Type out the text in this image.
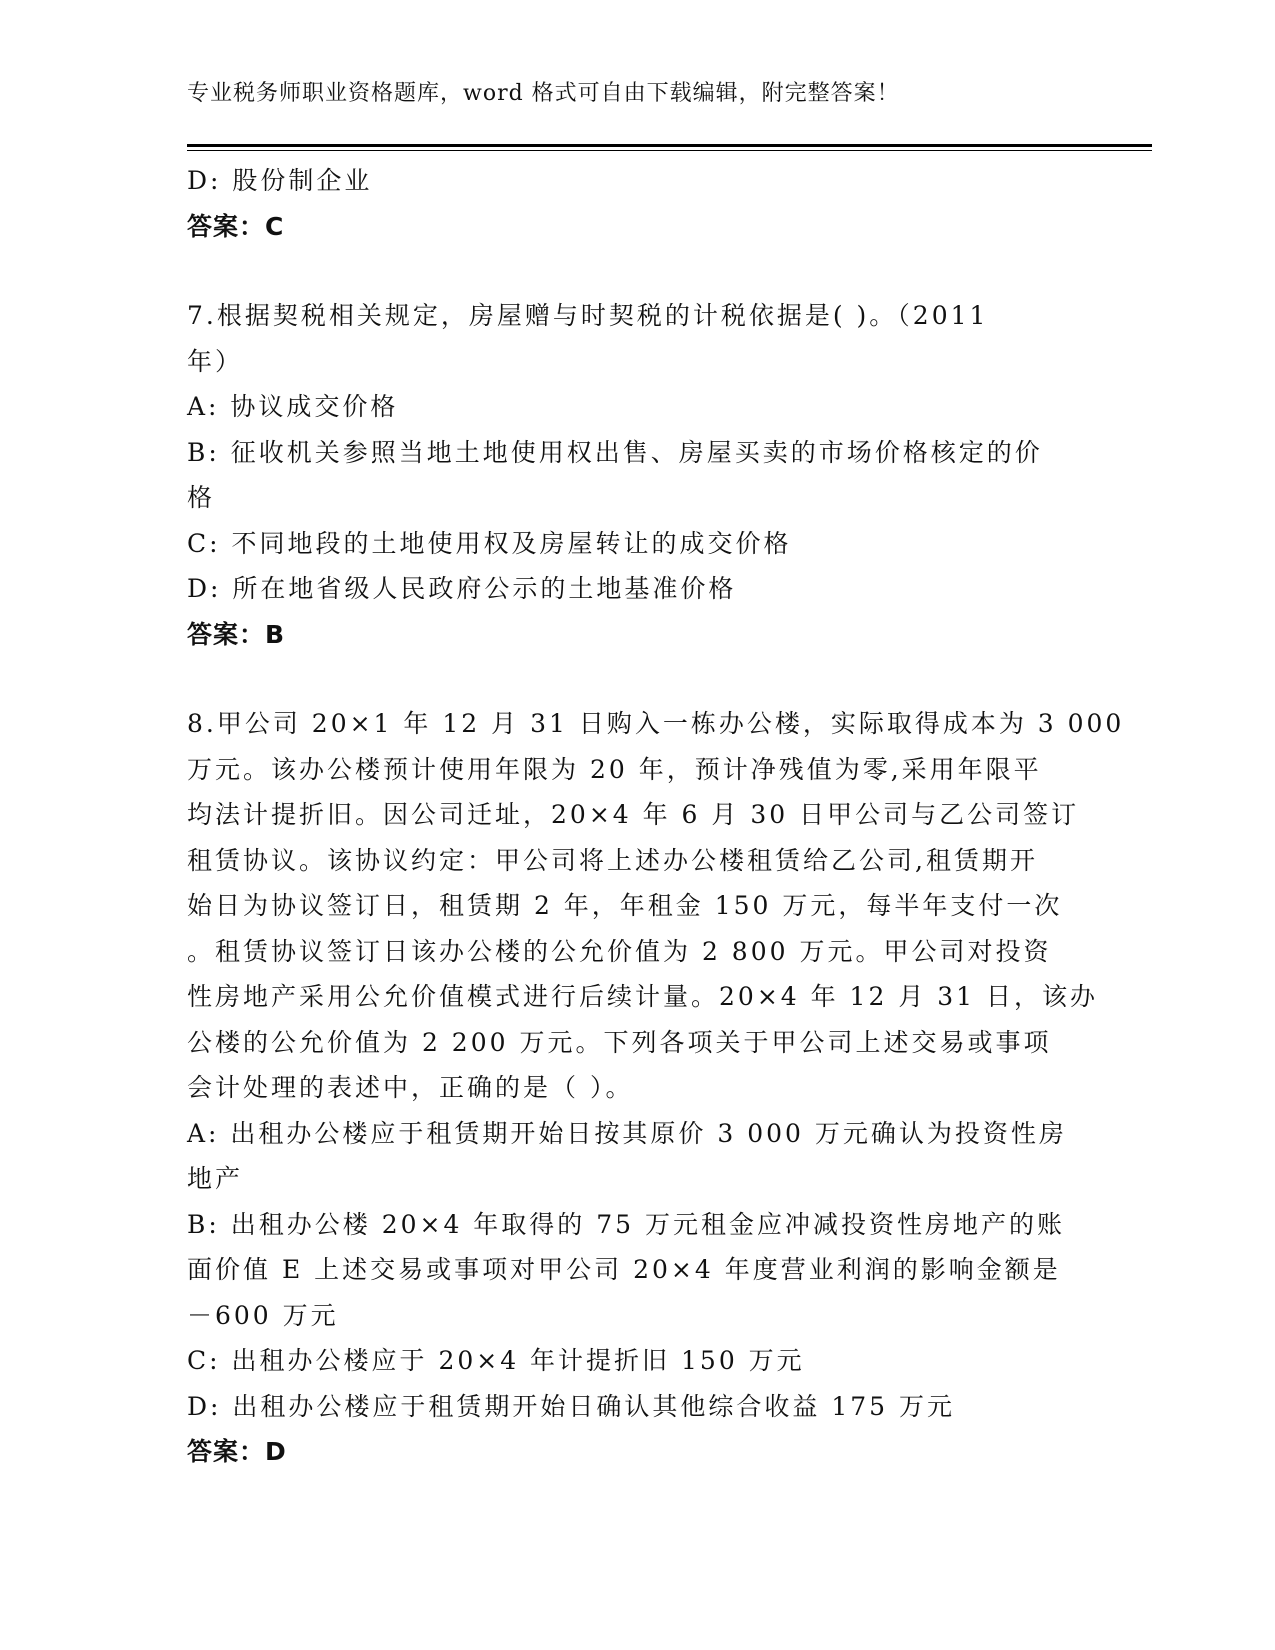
专业税务师职业资格题库，word 格式可自由下载编辑，附完整答案！
D: 股份制企业
答案：C
7.根据契税相关规定，房屋赠与时契税的计税依据是( )。（2011
年）
A: 协议成交价格
B: 征收机关参照当地土地使用权出售、房屋买卖的市场价格核定的价
格
C: 不同地段的土地使用权及房屋转让的成交价格
D: 所在地省级人民政府公示的土地基准价格
答案：B
8.甲公司 20×1 年 12 月 31 日购入一栋办公楼，实际取得成本为 3 000
万元。该办公楼预计使用年限为 20 年，预计净残值为零,采用年限平
均法计提折旧。因公司迁址，20×4 年 6 月 30 日甲公司与乙公司签订
租赁协议。该协议约定：甲公司将上述办公楼租赁给乙公司,租赁期开
始日为协议签订日，租赁期 2 年，年租金 150 万元，每半年支付一次
。租赁协议签订日该办公楼的公允价值为 2 800 万元。甲公司对投资
性房地产采用公允价值模式进行后续计量。20×4 年 12 月 31 日，该办
公楼的公允价值为 2 200 万元。下列各项关于甲公司上述交易或事项
会计处理的表述中，正确的是（ ）。
A: 出租办公楼应于租赁期开始日按其原价 3 000 万元确认为投资性房
地产
B: 出租办公楼 20×4 年取得的 75 万元租金应冲减投资性房地产的账
面价值 E 上述交易或事项对甲公司 20×4 年度营业利润的影响金额是
－600 万元
C: 出租办公楼应于 20×4 年计提折旧 150 万元
D: 出租办公楼应于租赁期开始日确认其他综合收益 175 万元
答案：D
